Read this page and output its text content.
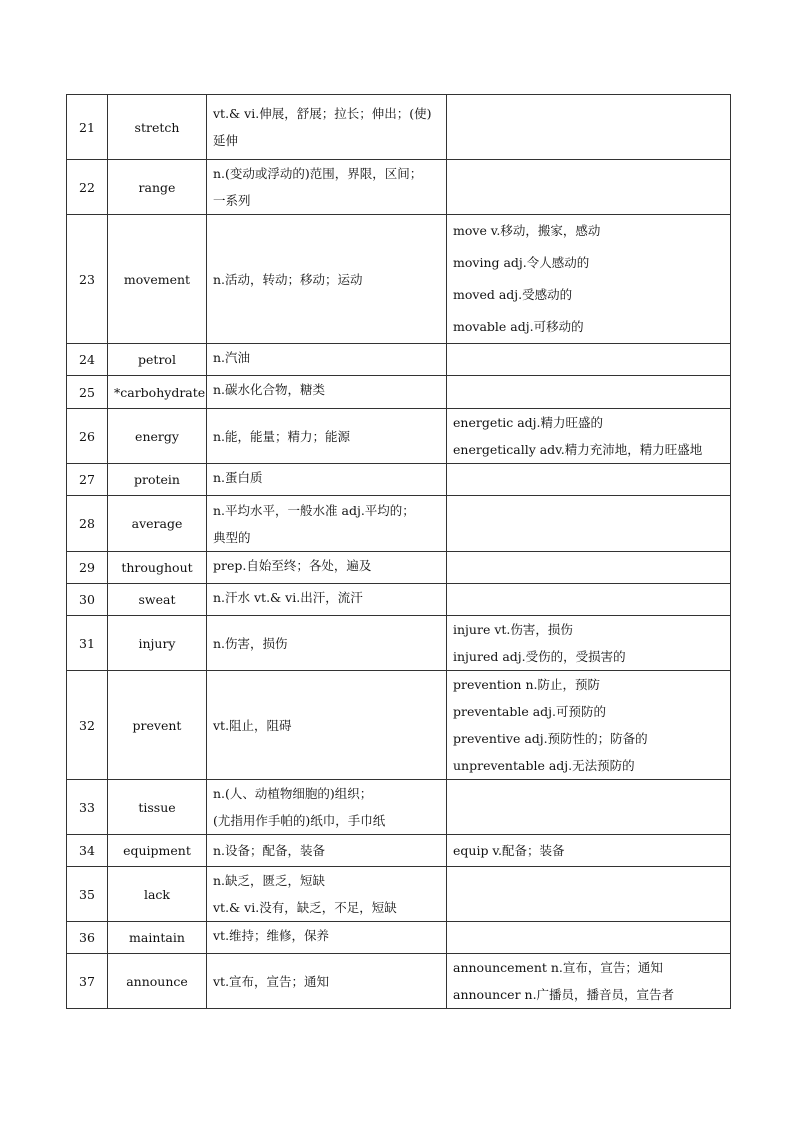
21	stretch	vt.& vi.伸展，舒展；拉长；伸出；(使)
延伸	

22	range	n.(变动或浮动的)范围，界限，区间；
一系列	

23	movement	n.活动，转动；移动；运动	move v.移动，搬家，感动
moving adj.令人感动的
moved adj.受感动的
movable adj.可移动的

24	petrol	n.汽油	

25	*carbohydrate	n.碳水化合物，糖类	

26	energy	n.能，能量；精力；能源	energetic adj.精力旺盛的
energetically adv.精力充沛地，精力旺盛地

27	protein	n.蛋白质	

28	average	n.平均水平，一般水准 adj.平均的；
典型的	

29	throughout	prep.自始至终；各处，遍及	

30	sweat	n.汗水 vt.& vi.出汗，流汗	

31	injury	n.伤害，损伤	injure vt.伤害，损伤
injured adj.受伤的，受损害的

32	prevent	vt.阻止，阻碍	prevention n.防止，预防
preventable adj.可预防的
preventive adj.预防性的；防备的
unpreventable adj.无法预防的

33	tissue	n.(人、动植物细胞的)组织；
(尤指用作手帕的)纸巾，手巾纸	

34	equipment	n.设备；配备，装备	equip v.配备；装备

35	lack	n.缺乏，匮乏，短缺
vt.& vi.没有，缺乏，不足，短缺	

36	maintain	vt.维持；维修，保养	

37	announce	vt.宣布，宣告；通知	announcement n.宣布，宣告；通知
announcer n.广播员，播音员，宣告者
